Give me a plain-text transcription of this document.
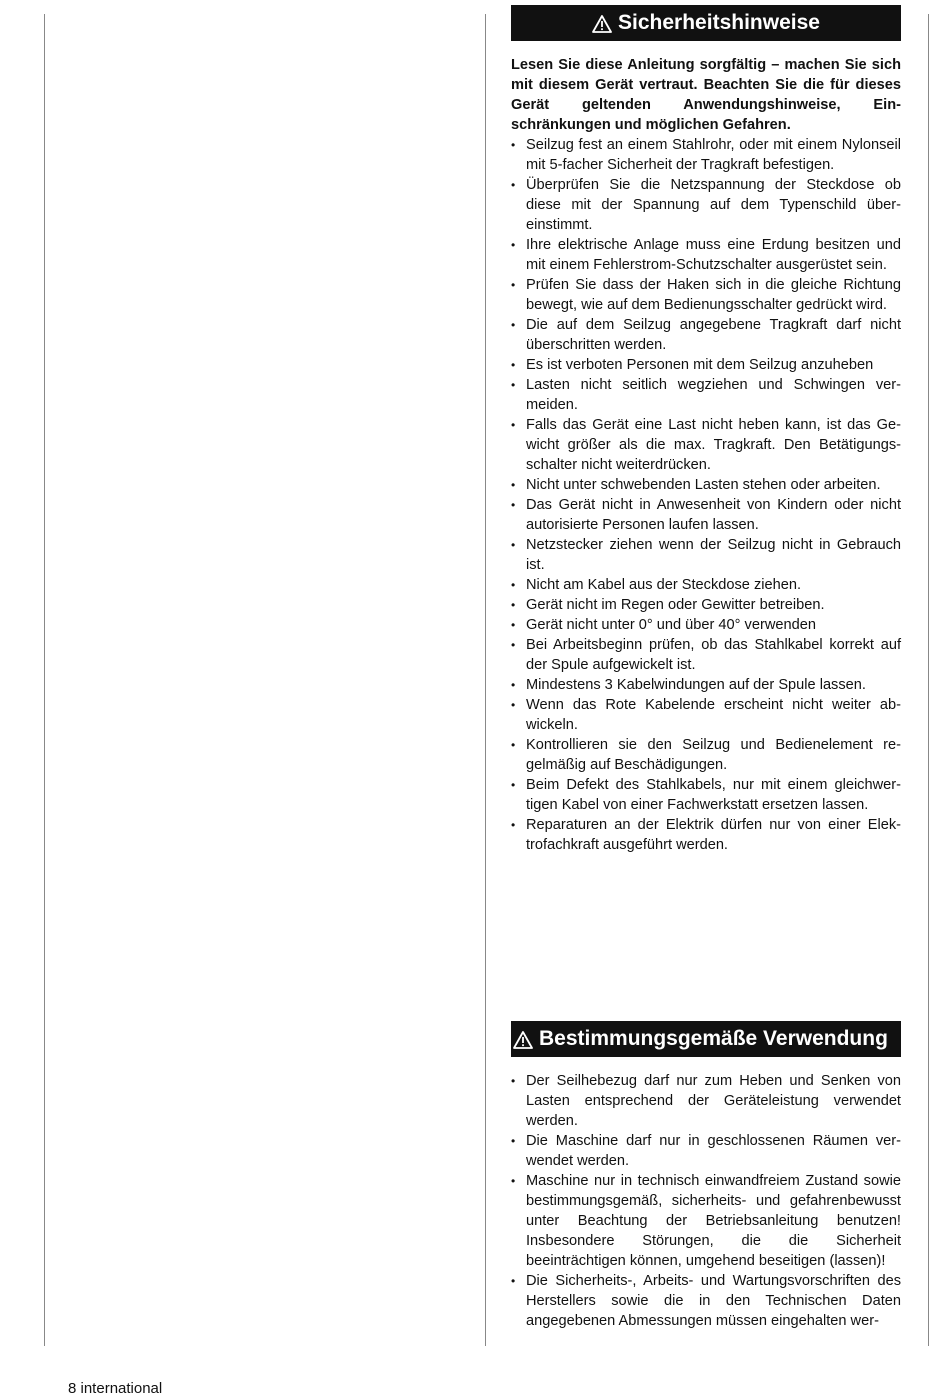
Sicherheitshinweise

Lesen Sie diese Anleitung sorgfältig – machen Sie sich mit diesem Gerät vertraut. Beachten Sie die für dieses Gerät geltenden Anwendungshinweise, Einschränkungen und möglichen Gefahren.

• Seilzug fest an einem Stahlrohr, oder mit einem Nylonseil mit 5-facher Sicherheit der Tragkraft befestigen.
• Überprüfen Sie die Netzspannung der Steckdose ob diese mit der Spannung auf dem Typenschild übereinstimmt.
• Ihre elektrische Anlage muss eine Erdung besitzen und mit einem Fehlerstrom-Schutzschalter ausgerüstet sein.
• Prüfen Sie dass der Haken sich in die gleiche Richtung bewegt, wie auf dem Bedienungsschalter gedrückt wird.
• Die auf dem Seilzug angegebene Tragkraft darf nicht überschritten werden.
• Es ist verboten Personen mit dem Seilzug anzuheben
• Lasten nicht seitlich wegziehen und Schwingen vermeiden.
• Falls das Gerät eine Last nicht heben kann, ist das Gewicht größer als die max. Tragkraft. Den Betätigungsschalter nicht weiterdrücken.
• Nicht unter schwebenden Lasten stehen oder arbeiten.
• Das Gerät nicht in Anwesenheit von Kindern oder nicht autorisierte Personen laufen lassen.
• Netzstecker ziehen wenn der Seilzug nicht in Gebrauch ist.
• Nicht am Kabel aus der Steckdose ziehen.
• Gerät nicht im Regen oder Gewitter betreiben.
• Gerät nicht unter 0° und über 40° verwenden
• Bei Arbeitsbeginn prüfen, ob das Stahlkabel korrekt auf der Spule aufgewickelt ist.
• Mindestens 3 Kabelwindungen auf der Spule lassen.
• Wenn das Rote Kabelende erscheint nicht weiter abwickeln.
• Kontrollieren sie den Seilzug und Bedienelement regelmäßig auf Beschädigungen.
• Beim Defekt des Stahlkabels, nur mit einem gleichwertigen Kabel von einer Fachwerkstatt ersetzen lassen.
• Reparaturen an der Elektrik dürfen nur von einer Elektrofachkraft ausgeführt werden.
Bestimmungsgemäße Verwendung
• Der Seilhebezug darf nur zum Heben und Senken von Lasten entsprechend der Geräteleistung verwendet werden.
• Die Maschine darf nur in geschlossenen Räumen verwendet werden.
• Maschine nur in technisch einwandfreiem Zustand sowie bestimmungsgemäß, sicherheits- und gefahrenbewusst unter Beachtung der Betriebsanleitung benutzen! Insbesondere Störungen, die die Sicherheit beeinträchtigen können, umgehend beseitigen (lassen)!
• Die Sicherheits-, Arbeits- und Wartungsvorschriften des Herstellers sowie die in den Technischen Daten angegebenen Abmessungen müssen eingehalten wer-
8 international
